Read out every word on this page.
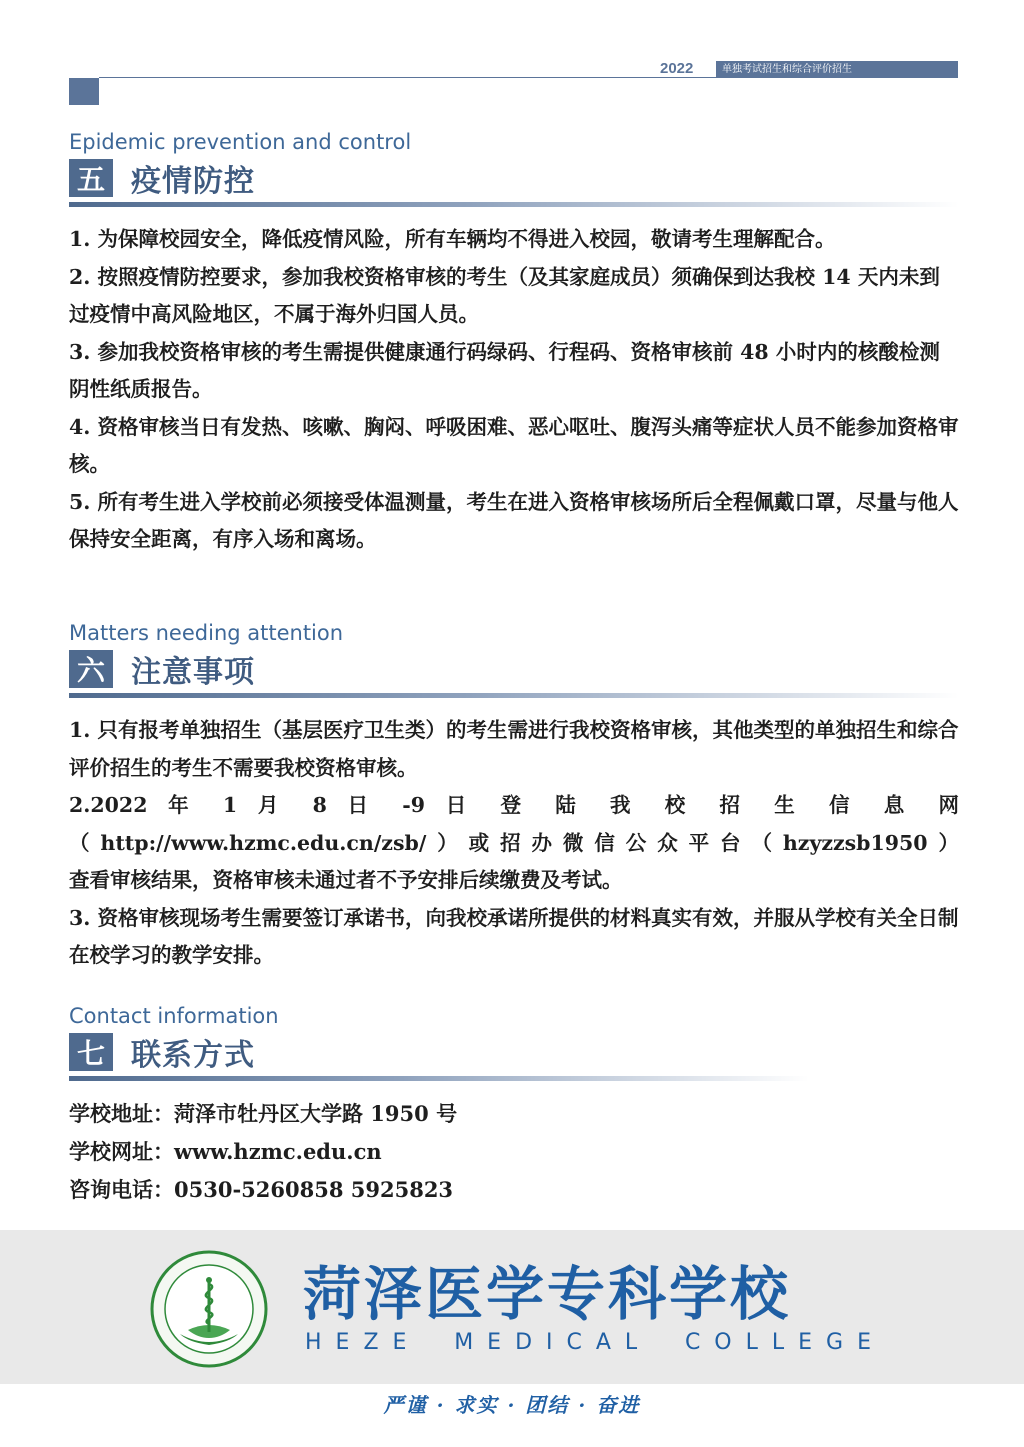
2022	单独考试招生和综合评价招生
Epidemic prevention and control
五 疫情防控
1. 为保障校园安全，降低疫情风险，所有车辆均不得进入校园，敬请考生理解配合。
2. 按照疫情防控要求，参加我校资格审核的考生（及其家庭成员）须确保到达我校 14 天内未到过疫情中高风险地区，不属于海外归国人员。
3. 参加我校资格审核的考生需提供健康通行码绿码、行程码、资格审核前 48 小时内的核酸检测阴性纸质报告。
4. 资格审核当日有发热、咳嗽、胸闷、呼吸困难、恶心呕吐、腹泻头痛等症状人员不能参加资格审核。
5. 所有考生进入学校前必须接受体温测量，考生在进入资格审核场所后全程佩戴口罩，尽量与他人保持安全距离，有序入场和离场。
Matters needing attention
六 注意事项
1. 只有报考单独招生（基层医疗卫生类）的考生需进行我校资格审核，其他类型的单独招生和综合评价招生的考生不需要我校资格审核。
2.2022 年 1 月 8 日 -9 日 登 陆 我 校 招 生 信 息 网
（http://www.hzmc.edu.cn/zsb/）或招办微信公众平台（hzyzzsb1950）
查看审核结果，资格审核未通过者不予安排后续缴费及考试。
3. 资格审核现场考生需要签订承诺书，向我校承诺所提供的材料真实有效，并服从学校有关全日制在校学习的教学安排。
Contact information
七 联系方式
学校地址：菏泽市牡丹区大学路 1950 号
学校网址：www.hzmc.edu.cn
咨询电话：0530-5260858 5925823
菏泽医学专科学校
HEZE MEDICAL COLLEGE
严谨 · 求实 · 团结 · 奋进
